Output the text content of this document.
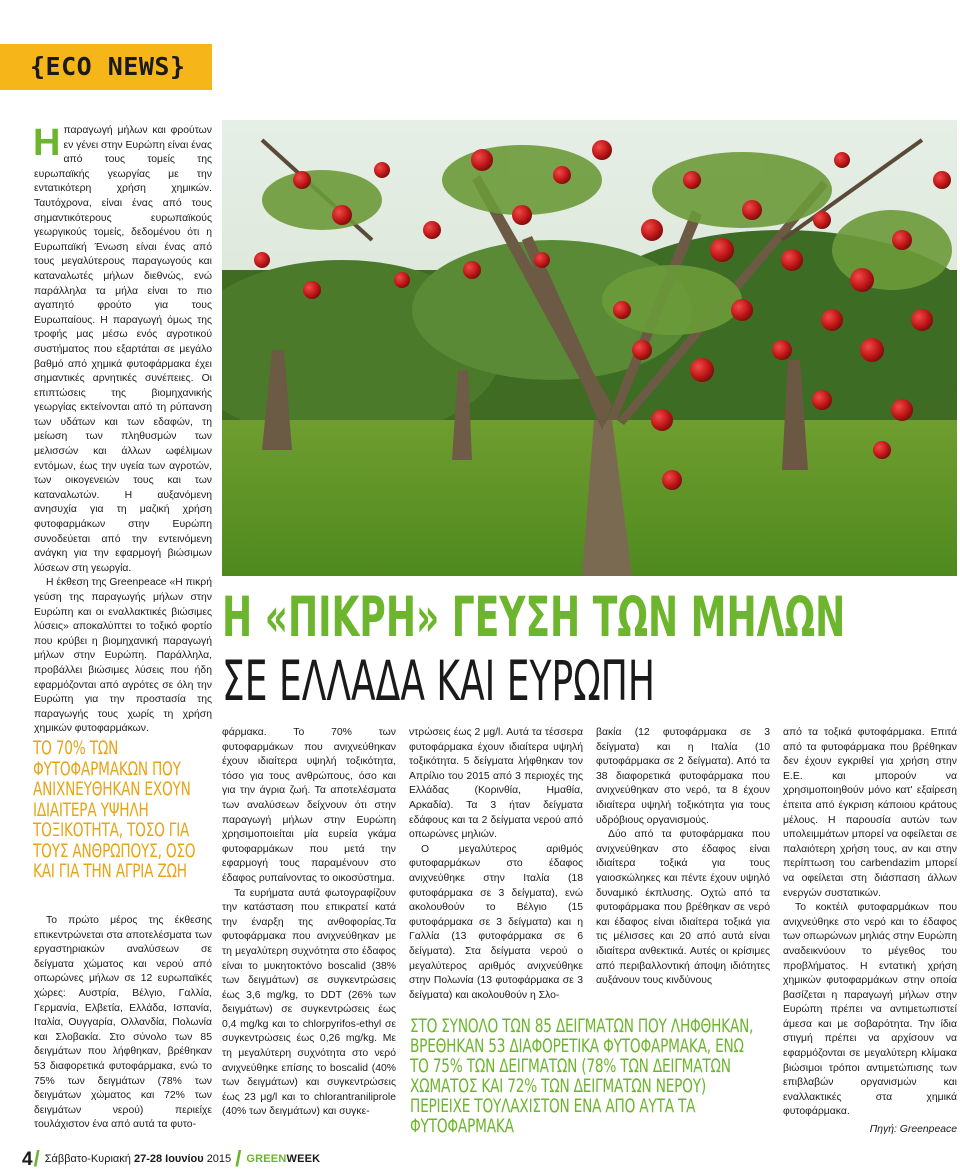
{ECO NEWS}

Ηπαραγωγή μήλων και φρούτων εν γένει στην Ευρώπη είναι ένας από τους τομείς της ευρωπαϊκής γεωργίας με την εντατικότερη χρήση χημικών. Ταυτόχρονα, είναι ένας από τους σημαντικότερους ευρωπαϊκούς γεωργικούς τομείς, δεδομένου ότι η Ευρωπαϊκή Ένωση είναι ένας από τους μεγαλύτερους παραγωγούς και καταναλωτές μήλων διεθνώς, ενώ παράλληλα τα μήλα είναι το πιο αγαπητό φρούτο για τους Ευρωπαίους. Η παραγωγή όμως της τροφής μας μέσω ενός αγροτικού συστήματος που εξαρτάται σε μεγάλο βαθμό από χημικά φυτοφάρμακα έχει σημαντικές αρνητικές συνέπειες. Οι επιπτώσεις της βιομηχανικής γεωργίας εκτείνονται από τη ρύπανση των υδάτων και των εδαφών, τη μείωση των πληθυσμών των μελισσών και άλλων ωφέλιμων εντόμων, έως την υγεία των αγροτών, των οικογενειών τους και των καταναλωτών. Η αυξανόμενη ανησυχία για τη μαζική χρήση φυτοφαρμάκων στην Ευρώπη συνοδεύεται από την εντεινόμενη ανάγκη για την εφαρμογή βιώσιμων λύσεων στη γεωργία.

Η έκθεση της Greenpeace «Η πικρή γεύση της παραγωγής μήλων στην Ευρώπη και οι εναλλακτικές βιώσιμες λύσεις» αποκαλύπτει το τοξικό φορτίο που κρύβει η βιομηχανική παραγωγή μήλων στην Ευρώπη. Παράλληλα, προβάλλει βιώσιμες λύσεις που ήδη εφαρμόζονται από αγρότες σε όλη την Ευρώπη για την προστασία της παραγωγής τους χωρίς τη χρήση χημικών φυτοφαρμάκων.

ΤΟ 70% ΤΩΝ ΦΥΤΟΦΑΡΜΑΚΩΝ ΠΟΥ ΑΝΙΧΝΕΥΘΗΚΑΝ ΕΧΟΥΝ ΙΔΙΑΙΤΕΡΑ ΥΨΗΛΗ ΤΟΞΙΚΟΤΗΤΑ, ΤΟΣΟ ΓΙΑ ΤΟΥΣ ΑΝΘΡΩΠΟΥΣ, ΟΣΟ ΚΑΙ ΓΙΑ ΤΗΝ ΑΓΡΙΑ ΖΩΗ

Το πρώτο μέρος της έκθεσης επικεντρώνεται στα αποτελέσματα των εργαστηριακών αναλύσεων σε δείγματα χώματος και νερού από οπωρώνες μήλων σε 12 ευρωπαϊκές χώρες: Αυστρία, Βέλγιο, Γαλλία, Γερμανία, Ελβετία, Ελλάδα, Ισπανία, Ιταλία, Ουγγαρία, Ολλανδία, Πολωνία και Σλοβακία. Στο σύνολο των 85 δειγμάτων που λήφθηκαν, βρέθηκαν 53 διαφορετικά φυτοφάρμακα, ενώ το 75% των δειγμάτων (78% των δειγμάτων χώματος και 72% των δειγμάτων νερού) περιείχε τουλάχιστον ένα από αυτά τα φυτο-

Η «ΠΙΚΡΗ» ΓΕΥΣΗ ΤΩΝ ΜΗΛΩΝ
ΣΕ ΕΛΛΑΔΑ ΚΑΙ ΕΥΡΩΠΗ

φάρμακα. Το 70% των φυτοφαρμάκων που ανιχνεύθηκαν έχουν ιδιαίτερα υψηλή τοξικότητα, τόσο για τους ανθρώπους, όσο και για την άγρια ζωή. Τα αποτελέσματα των αναλύσεων δείχνουν ότι στην παραγωγή μήλων στην Ευρώπη χρησιμοποιείται μία ευρεία γκάμα φυτοφαρμάκων που μετά την εφαρμογή τους παραμένουν στο έδαφος ρυπαίνοντας το οικοσύστημα.

Τα ευρήματα αυτά φωτογραφίζουν την κατάσταση που επικρατεί κατά την έναρξη της ανθοφορίας.Τα φυτοφάρμακα που ανιχνεύθηκαν με τη μεγαλύτερη συχνότητα στο έδαφος είναι το μυκητοκτόνο boscalid (38% των δειγμάτων) σε συγκεντρώσεις έως 3,6 mg/kg, το DDT (26% των δειγμάτων) σε συγκεντρώσεις έως 0,4 mg/kg και το chlorpyrifos-ethyl σε συγκεντρώσεις έως 0,26 mg/kg. Με τη μεγαλύτερη συχνότητα στο νερό ανιχνεύθηκε επίσης το boscalid (40% των δειγμάτων) και συγκεντρώσεις έως 23 μg/l και το chlorantraniliprole (40% των δειγμάτων) και συγκε-

ντρώσεις έως 2 μg/l. Αυτά τα τέσσερα φυτοφάρμακα έχουν ιδιαίτερα υψηλή τοξικότητα. 5 δείγματα λήφθηκαν τον Απρίλιο του 2015 από 3 περιοχές της Ελλάδας (Κορινθία, Ημαθία, Αρκαδία). Τα 3 ήταν δείγματα εδάφους και τα 2 δείγματα νερού από οπωρώνες μηλιών.

Ο μεγαλύτερος αριθμός φυτοφαρμάκων στο έδαφος ανιχνεύθηκε στην Ιταλία (18 φυτοφάρμακα σε 3 δείγματα), ενώ ακολουθούν το Βέλγιο (15 φυτοφάρμακα σε 3 δείγματα) και η Γαλλία (13 φυτοφάρμακα σε 6 δείγματα). Στα δείγματα νερού ο μεγαλύτερος αριθμός ανιχνεύθηκε στην Πολωνία (13 φυτοφάρμακα σε 3 δείγματα) και ακολουθούν η Σλο-

βακία (12 φυτοφάρμακα σε 3 δείγματα) και η Ιταλία (10 φυτοφάρμακα σε 2 δείγματα). Από τα 38 διαφορετικά φυτοφάρμακα που ανιχνεύθηκαν στο νερό, τα 8 έχουν ιδιαίτερα υψηλή τοξικότητα για τους υδρόβιους οργανισμούς.

Δύο από τα φυτοφάρμακα που ανιχνεύθηκαν στο έδαφος είναι ιδιαίτερα τοξικά για τους γαιοσκώληκες και πέντε έχουν υψηλό δυναμικό έκπλυσης. Οχτώ από τα φυτοφάρμακα που βρέθηκαν σε νερό και έδαφος είναι ιδιαίτερα τοξικά για τις μέλισσες και 20 από αυτά είναι ιδιαίτερα ανθεκτικά. Αυτές οι κρίσιμες από περιβαλλοντική άποψη ιδιότητες αυξάνουν τους κινδύνους

ΣΤΟ ΣΥΝΟΛΟ ΤΩΝ 85 ΔΕΙΓΜΑΤΩΝ ΠΟΥ ΛΗΦΘΗΚΑΝ, ΒΡΕΘΗΚΑΝ 53 ΔΙΑΦΟΡΕΤΙΚΑ ΦΥΤΟΦΑΡΜΑΚΑ, ΕΝΩ ΤΟ 75% ΤΩΝ ΔΕΙΓΜΑΤΩΝ (78% ΤΩΝ ΔΕΙΓΜΑΤΩΝ ΧΩΜΑΤΟΣ ΚΑΙ 72% ΤΩΝ ΔΕΙΓΜΑΤΩΝ ΝΕΡΟΥ) ΠΕΡΙΕΙΧΕ ΤΟΥΛΑΧΙΣΤΟΝ ΕΝΑ ΑΠΟ ΑΥΤΑ ΤΑ ΦΥΤΟΦΑΡΜΑΚΑ

από τα τοξικά φυτοφάρμακα. Επιτά από τα φυτοφάρμακα που βρέθηκαν δεν έχουν εγκριθεί για χρήση στην Ε.Ε. και μπορούν να χρησιμοποιηθούν μόνο κατ' εξαίρεση έπειτα από έγκριση κάποιου κράτους μέλους. Η παρουσία αυτών των υπολειμμάτων μπορεί να οφείλεται σε παλαιότερη χρήση τους, αν και στην περίπτωση του carbendazim μπορεί να οφείλεται στη διάσπαση άλλων ενεργών συστατικών.

Το κοκτέιλ φυτοφαρμάκων που ανιχνεύθηκε στο νερό και το έδαφος των οπωρώνων μηλιάς στην Ευρώπη αναδεικνύουν το μέγεθος του προβλήματος. Η εντατική χρήση χημικών φυτοφαρμάκων στην οποία βασίζεται η παραγωγή μήλων στην Ευρώπη πρέπει να αντιμετωπιστεί άμεσα και με σοβαρότητα. Την ίδια στιγμή πρέπει να αρχίσουν να εφαρμόζονται σε μεγαλύτερη κλίμακα βιώσιμοι τρόποι αντιμετώπισης των επιβλαβών οργανισμών και εναλλακτικές στα χημικά φυτοφάρμακα.

Πηγή: Greenpeace
4/ Σάββατο-Κυριακή 27-28 Ιουνίου 2015 / GREENWEEK
